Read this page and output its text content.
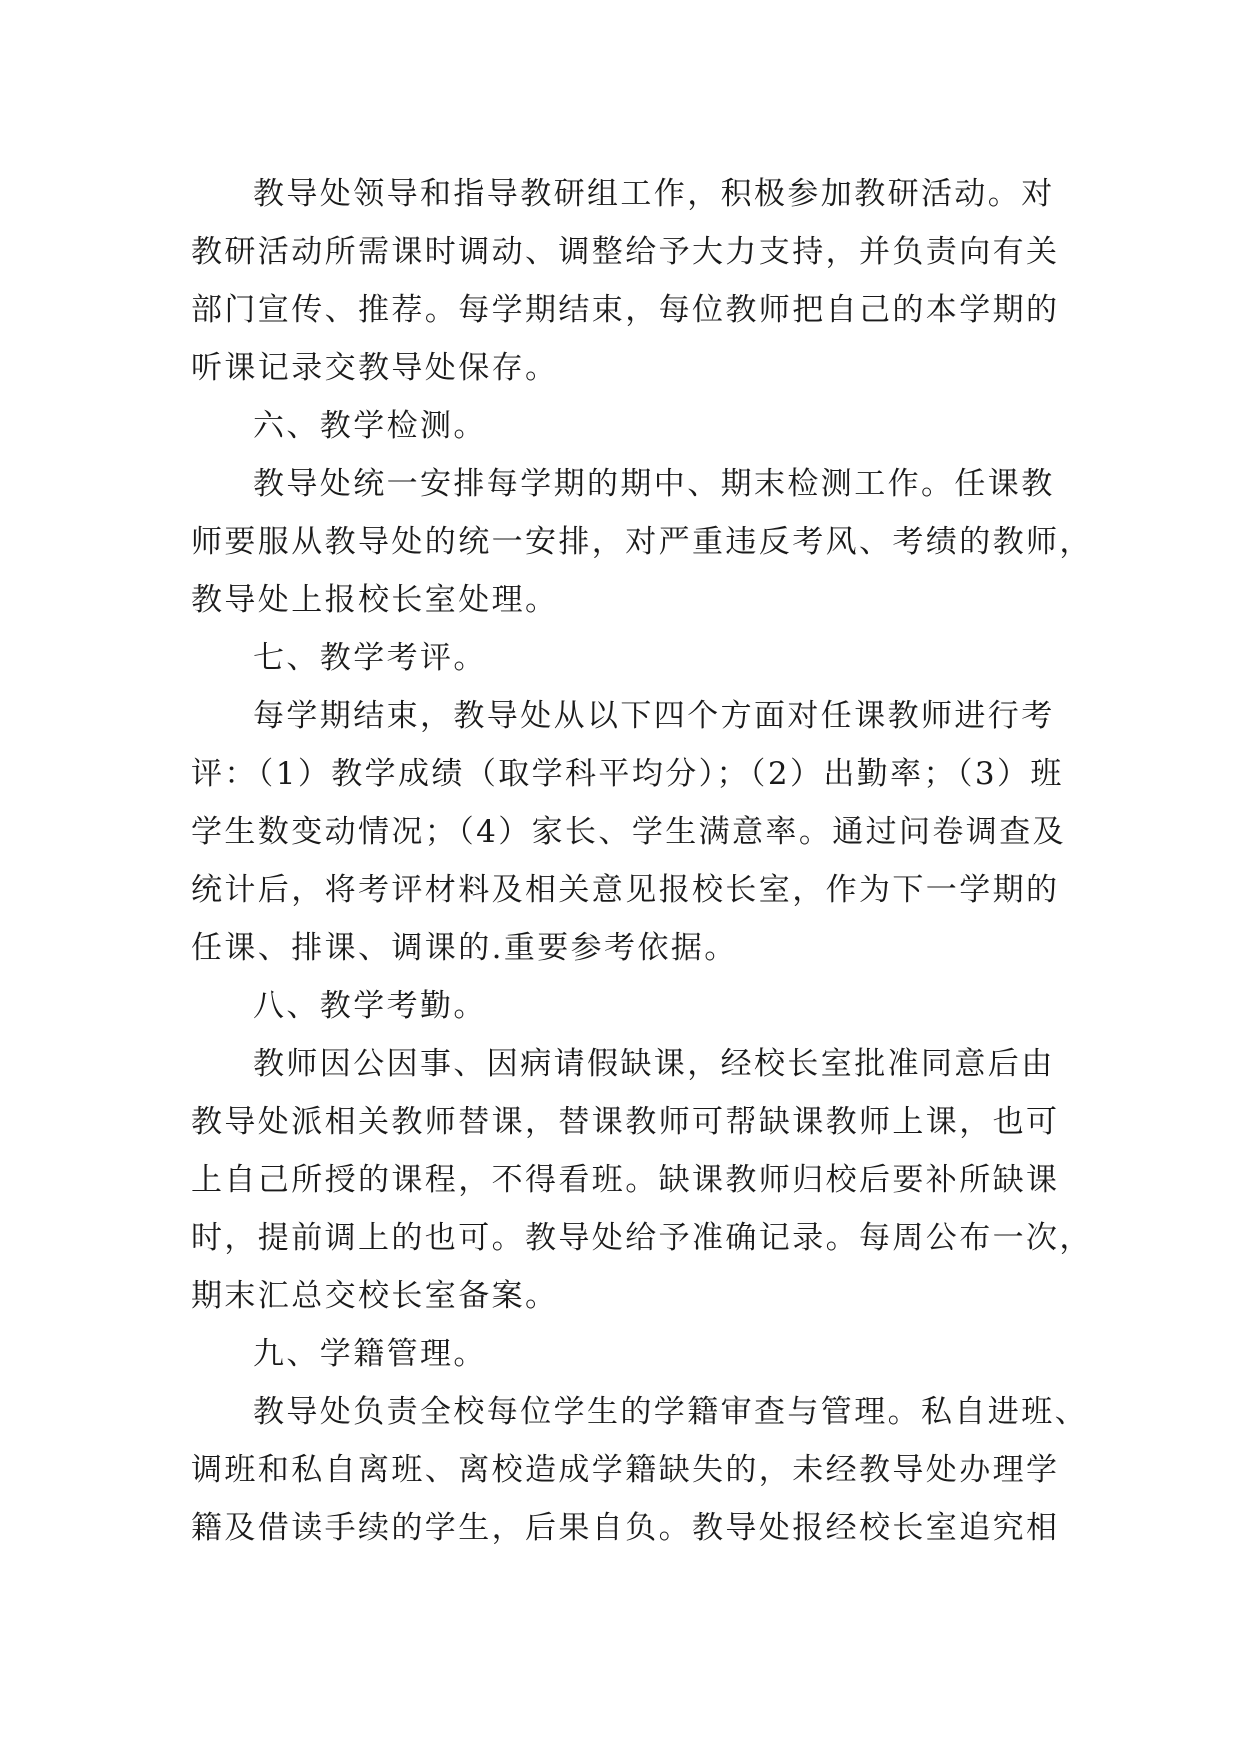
教导处领导和指导教研组工作，积极参加教研活动。对
教研活动所需课时调动、调整给予大力支持，并负责向有关
部门宣传、推荐。每学期结束，每位教师把自己的本学期的
听课记录交教导处保存。
六、教学检测。
教导处统一安排每学期的期中、期末检测工作。任课教
师要服从教导处的统一安排，对严重违反考风、考绩的教师，
教导处上报校长室处理。
七、教学考评。
每学期结束，教导处从以下四个方面对任课教师进行考
评：（1）教学成绩（取学科平均分）；（2）出勤率；（3）班
学生数变动情况；（4）家长、学生满意率。通过问卷调查及
统计后，将考评材料及相关意见报校长室，作为下一学期的
任课、排课、调课的.重要参考依据。
八、教学考勤。
教师因公因事、因病请假缺课，经校长室批准同意后由
教导处派相关教师替课，替课教师可帮缺课教师上课，也可
上自己所授的课程，不得看班。缺课教师归校后要补所缺课
时，提前调上的也可。教导处给予准确记录。每周公布一次，
期末汇总交校长室备案。
九、学籍管理。
教导处负责全校每位学生的学籍审查与管理。私自进班、
调班和私自离班、离校造成学籍缺失的，未经教导处办理学
籍及借读手续的学生，后果自负。教导处报经校长室追究相
